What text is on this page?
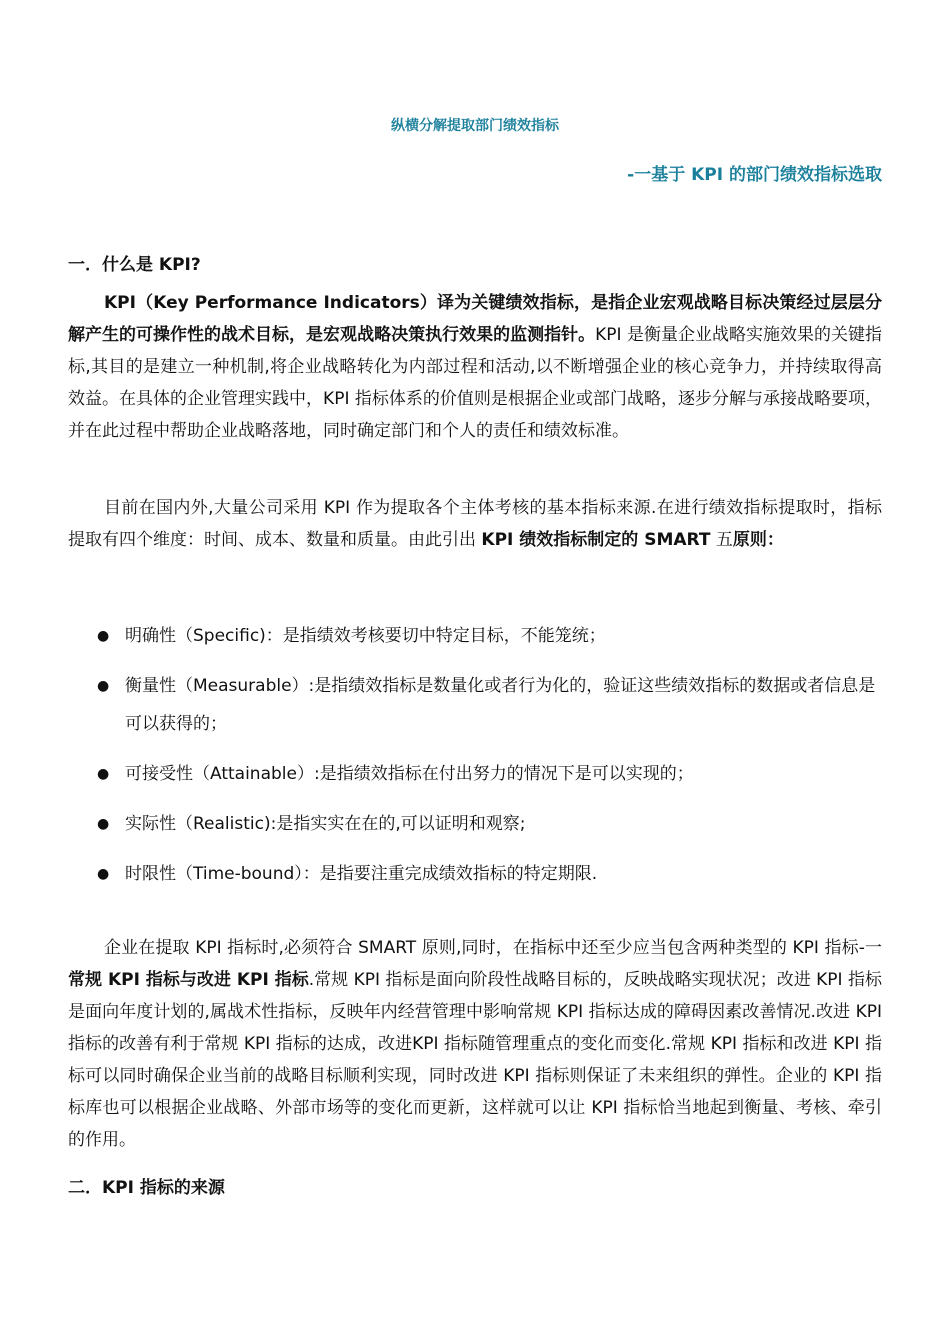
纵横分解提取部门绩效指标
-一基于 KPI 的部门绩效指标选取
一．什么是 KPI?
KPI（Key Performance Indicators）译为关键绩效指标，是指企业宏观战略目标决策经过层层分解产生的可操作性的战术目标，是宏观战略决策执行效果的监测指针。KPI 是衡量企业战略实施效果的关键指标,其目的是建立一种机制,将企业战略转化为内部过程和活动,以不断增强企业的核心竞争力，并持续取得高效益。在具体的企业管理实践中，KPI 指标体系的价值则是根据企业或部门战略，逐步分解与承接战略要项，并在此过程中帮助企业战略落地，同时确定部门和个人的责任和绩效标准。
目前在国内外,大量公司采用 KPI 作为提取各个主体考核的基本指标来源.在进行绩效指标提取时，指标提取有四个维度：时间、成本、数量和质量。由此引出 KPI 绩效指标制定的 SMART 五原则：
● 明确性（Specific)：是指绩效考核要切中特定目标，不能笼统；
● 衡量性（Measurable）:是指绩效指标是数量化或者行为化的，验证这些绩效指标的数据或者信息是可以获得的；
● 可接受性（Attainable）:是指绩效指标在付出努力的情况下是可以实现的；
● 实际性（Realistic):是指实实在在的,可以证明和观察;
● 时限性（Time-bound）：是指要注重完成绩效指标的特定期限.
企业在提取 KPI 指标时,必须符合 SMART 原则,同时，在指标中还至少应当包含两种类型的 KPI 指标-一常规 KPI 指标与改进 KPI 指标.常规 KPI 指标是面向阶段性战略目标的，反映战略实现状况；改进 KPI 指标是面向年度计划的,属战术性指标，反映年内经营管理中影响常规 KPI 指标达成的障碍因素改善情况.改进 KPI 指标的改善有利于常规 KPI 指标的达成，改进KPI 指标随管理重点的变化而变化.常规 KPI 指标和改进 KPI 指标可以同时确保企业当前的战略目标顺利实现，同时改进 KPI 指标则保证了未来组织的弹性。企业的 KPI 指标库也可以根据企业战略、外部市场等的变化而更新，这样就可以让 KPI 指标恰当地起到衡量、考核、牵引的作用。
二．KPI 指标的来源
